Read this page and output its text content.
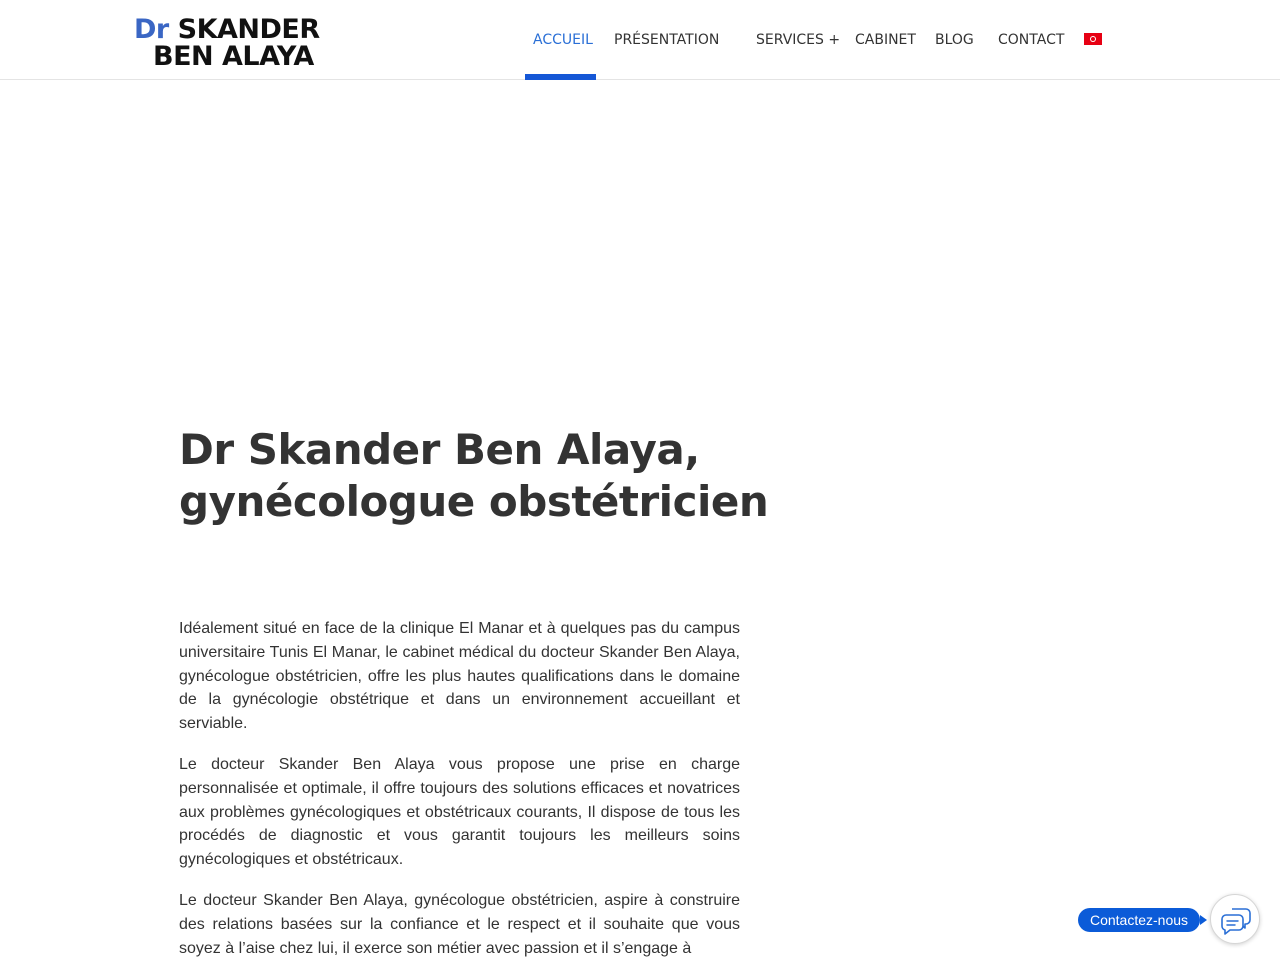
Dr SKANDER
BEN ALAYA
ACCUEIL PRÉSENTATION	SERVICES + CABINET BLOG CONTACT
Dr Skander Ben Alaya, gynécologue obstétricien

Idéalement situé en face de la clinique El Manar et à quelques pas du campus universitaire Tunis El Manar, le cabinet médical du docteur Skander Ben Alaya, gynécologue obstétricien, offre les plus hautes qualifications dans le domaine de la gynécologie obstétrique et dans un environnement accueillant et serviable.

Le docteur Skander Ben Alaya vous propose une prise en charge personnalisée et optimale, il offre toujours des solutions efficaces et novatrices aux problèmes gynécologiques et obstétricaux courants, Il dispose de tous les procédés de diagnostic et vous garantit toujours les meilleurs soins gynécologiques et obstétricaux.

Le docteur Skander Ben Alaya, gynécologue obstétricien, aspire à construire des relations basées sur la confiance et le respect et il souhaite que vous soyez à l’aise chez lui, il exerce son métier avec passion et il s’engage à

Contactez-nous
